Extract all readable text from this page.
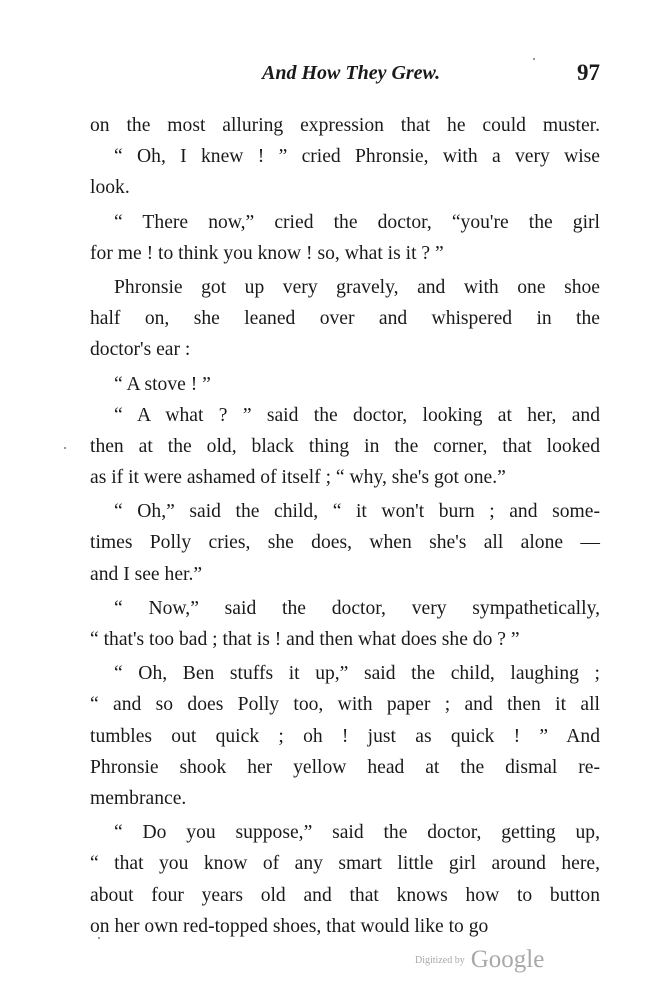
And How They Grew.	97
on the most alluring expression that he could muster.
“ Oh, I knew ! ” cried Phronsie, with a very wise
look.
“ There now,” cried the doctor, “you're the girl
for me ! to think you know ! so, what is it ? ”
Phronsie got up very gravely, and with one shoe
half on, she leaned over and whispered in the
doctor's ear :
“ A stove ! ”
“ A what ? ” said the doctor, looking at her, and
then at the old, black thing in the corner, that looked
as if it were ashamed of itself ; “ why, she's got one.”
“ Oh,” said the child, “ it won't burn ; and some-
times Polly cries, she does, when she's all alone —
and I see her.”
“ Now,” said the doctor, very sympathetically,
“ that's too bad ; that is ! and then what does she do ? ”
“ Oh, Ben stuffs it up,” said the child, laughing ;
“ and so does Polly too, with paper ; and then it all
tumbles out quick ; oh ! just as quick ! ” And
Phronsie shook her yellow head at the dismal re-
membrance.
“ Do you suppose,” said the doctor, getting up,
“ that you know of any smart little girl around here,
about four years old and that knows how to button
on her own red-topped shoes, that would like to go
$^{Digitized by}$ Google
